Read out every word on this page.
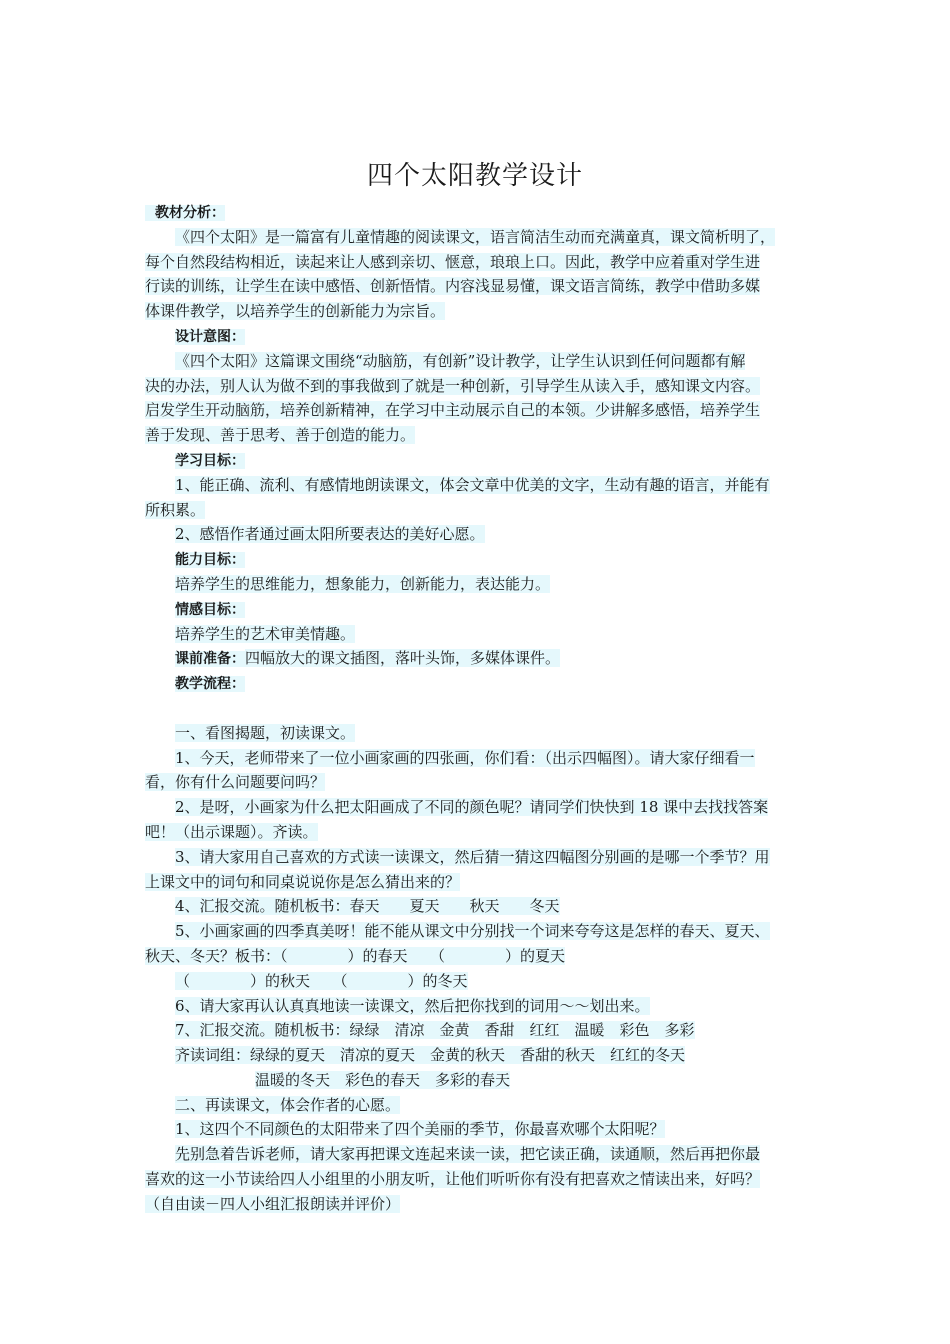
四个太阳教学设计
教材分析：
《四个太阳》是一篇富有儿童情趣的阅读课文，语言简洁生动而充满童真，课文简析明了，
每个自然段结构相近，读起来让人感到亲切、惬意，琅琅上口。因此，教学中应着重对学生进
行读的训练，让学生在读中感悟、创新悟情。内容浅显易懂，课文语言简练，教学中借助多媒
体课件教学，以培养学生的创新能力为宗旨。
设计意图：
《四个太阳》这篇课文围绕“动脑筋，有创新”设计教学，让学生认识到任何问题都有解
决的办法，别人认为做不到的事我做到了就是一种创新，引导学生从读入手，感知课文内容。
启发学生开动脑筋，培养创新精神，在学习中主动展示自己的本领。少讲解多感悟，培养学生
善于发现、善于思考、善于创造的能力。
学习目标：
1、能正确、流利、有感情地朗读课文，体会文章中优美的文字，生动有趣的语言，并能有
所积累。
2、感悟作者通过画太阳所要表达的美好心愿。
能力目标：
培养学生的思维能力，想象能力，创新能力，表达能力。
情感目标：
培养学生的艺术审美情趣。
课前准备：四幅放大的课文插图，落叶头饰，多媒体课件。
教学流程：
一、看图揭题，初读课文。
1、今天，老师带来了一位小画家画的四张画，你们看：（出示四幅图）。请大家仔细看一
看，你有什么问题要问吗？
2、是呀，小画家为什么把太阳画成了不同的颜色呢？请同学们快快到 18 课中去找找答案
吧！（出示课题）。齐读。
3、请大家用自己喜欢的方式读一读课文，然后猜一猜这四幅图分别画的是哪一个季节？用
上课文中的词句和同桌说说你是怎么猜出来的？
4、汇报交流。随机板书：春天　　夏天　　秋天　　冬天
5、小画家画的四季真美呀！能不能从课文中分别找一个词来夸夸这是怎样的春天、夏天、
秋天、冬天？板书：（　　　　）的春天　　（　　　　）的夏天
（　　　　）的秋天　　（　　　　）的冬天
6、请大家再认认真真地读一读课文，然后把你找到的词用～～划出来。
7、汇报交流。随机板书：绿绿　清凉　金黄　香甜　红红　温暖　彩色　多彩
齐读词组：绿绿的夏天　清凉的夏天　金黄的秋天　香甜的秋天　红红的冬天
温暖的冬天　彩色的春天　多彩的春天
二、再读课文，体会作者的心愿。
1、这四个不同颜色的太阳带来了四个美丽的季节，你最喜欢哪个太阳呢？
先别急着告诉老师，请大家再把课文连起来读一读，把它读正确，读通顺，然后再把你最
喜欢的这一小节读给四人小组里的小朋友听，让他们听听你有没有把喜欢之情读出来，好吗？
（自由读－四人小组汇报朗读并评价）
